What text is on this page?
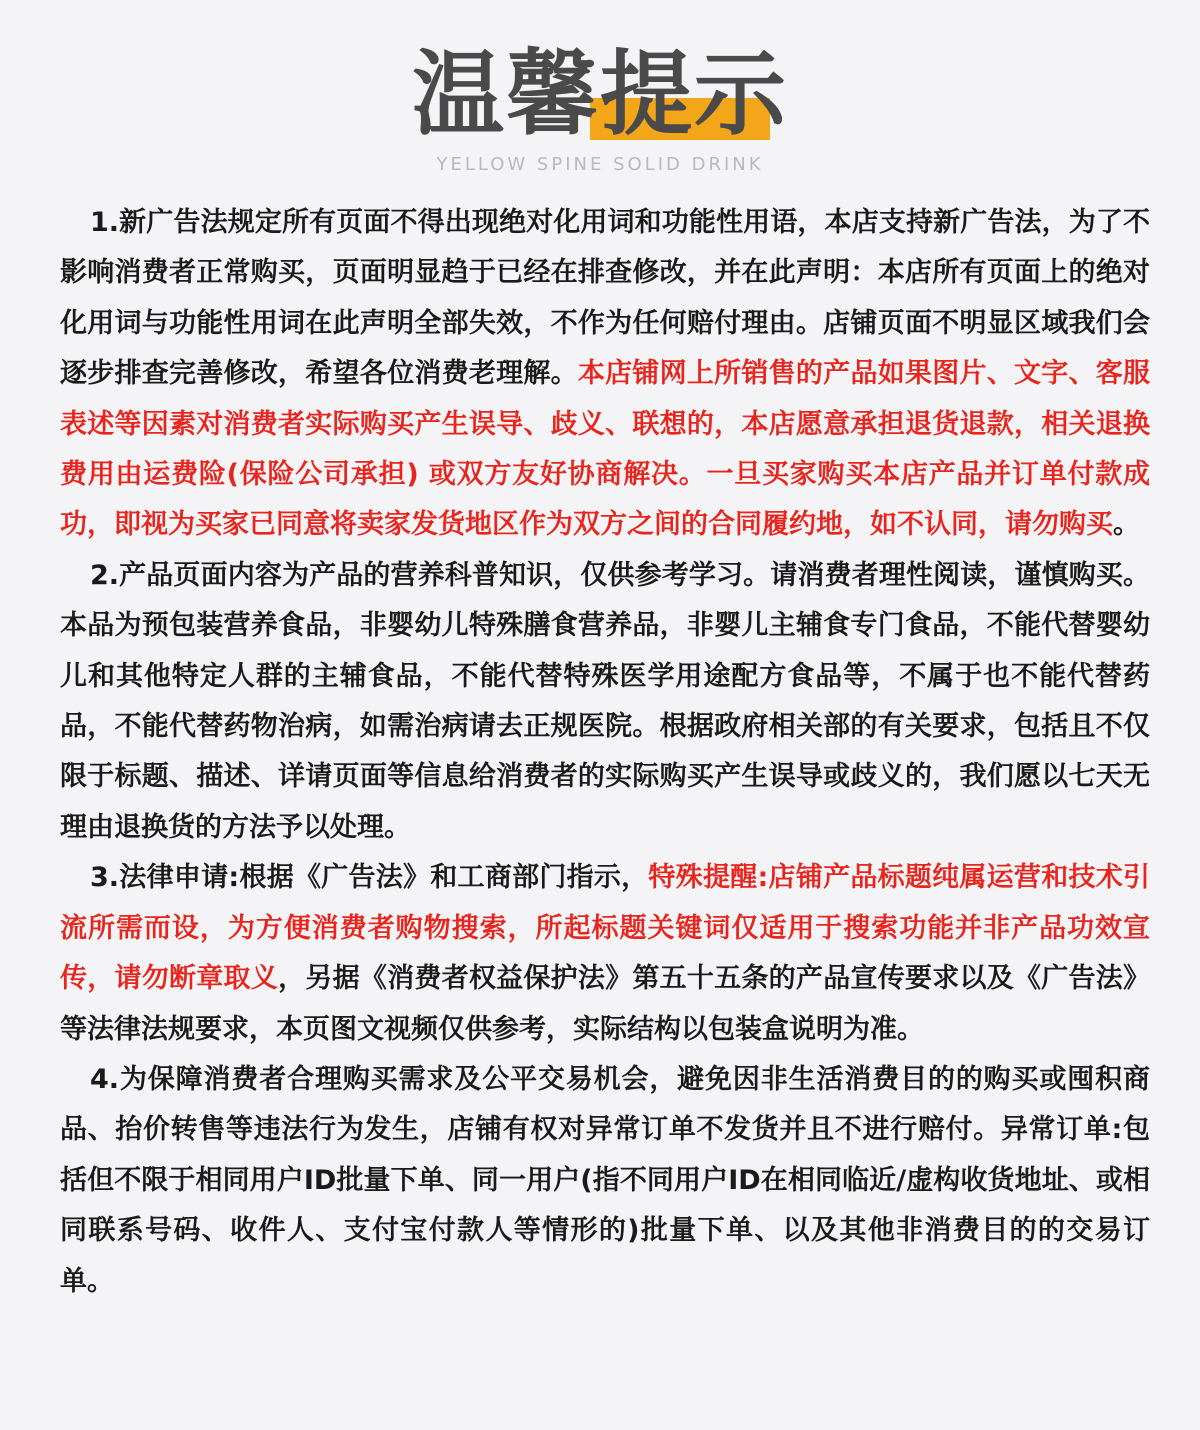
温馨提示
YELLOW SPINE SOLID DRINK

1.新广告法规定所有页面不得出现绝对化用词和功能性用语，本店支持新广告法，为了不影响消费者正常购买，页面明显趋于已经在排查修改，并在此声明：本店所有页面上的绝对化用词与功能性用词在此声明全部失效，不作为任何赔付理由。店铺页面不明显区域我们会逐步排查完善修改，希望各位消费老理解。本店铺网上所销售的产品如果图片、文字、客服表述等因素对消费者实际购买产生误导、歧义、联想的，本店愿意承担退货退款，相关退换费用由运费险(保险公司承担) 或双方友好协商解决。一旦买家购买本店产品并订单付款成功，即视为买家已同意将卖家发货地区作为双方之间的合同履约地，如不认同，请勿购买。

2.产品页面内容为产品的营养科普知识，仅供参考学习。请消费者理性阅读，谨慎购买。本品为预包装营养食品，非婴幼儿特殊膳食营养品，非婴儿主辅食专门食品，不能代替婴幼儿和其他特定人群的主辅食品，不能代替特殊医学用途配方食品等，不属于也不能代替药品，不能代替药物治病，如需治病请去正规医院。根据政府相关部的有关要求，包括且不仅限于标题、描述、详请页面等信息给消费者的实际购买产生误导或歧义的，我们愿以七天无理由退换货的方法予以处理。

3.法律申请:根据《广告法》和工商部门指示，特殊提醒:店铺产品标题纯属运营和技术引流所需而设，为方便消费者购物搜索，所起标题关键词仅适用于搜索功能并非产品功效宣传，请勿断章取义，另据《消费者权益保护法》第五十五条的产品宣传要求以及《广告法》等法律法规要求，本页图文视频仅供参考，实际结构以包装盒说明为准。

4.为保障消费者合理购买需求及公平交易机会，避免因非生活消费目的的购买或囤积商品、抬价转售等违法行为发生，店铺有权对异常订单不发货并且不进行赔付。异常订单:包括但不限于相同用户ID批量下单、同一用户(指不同用户ID在相同临近/虚构收货地址、或相同联系号码、收件人、支付宝付款人等情形的)批量下单、以及其他非消费目的的交易订单。
